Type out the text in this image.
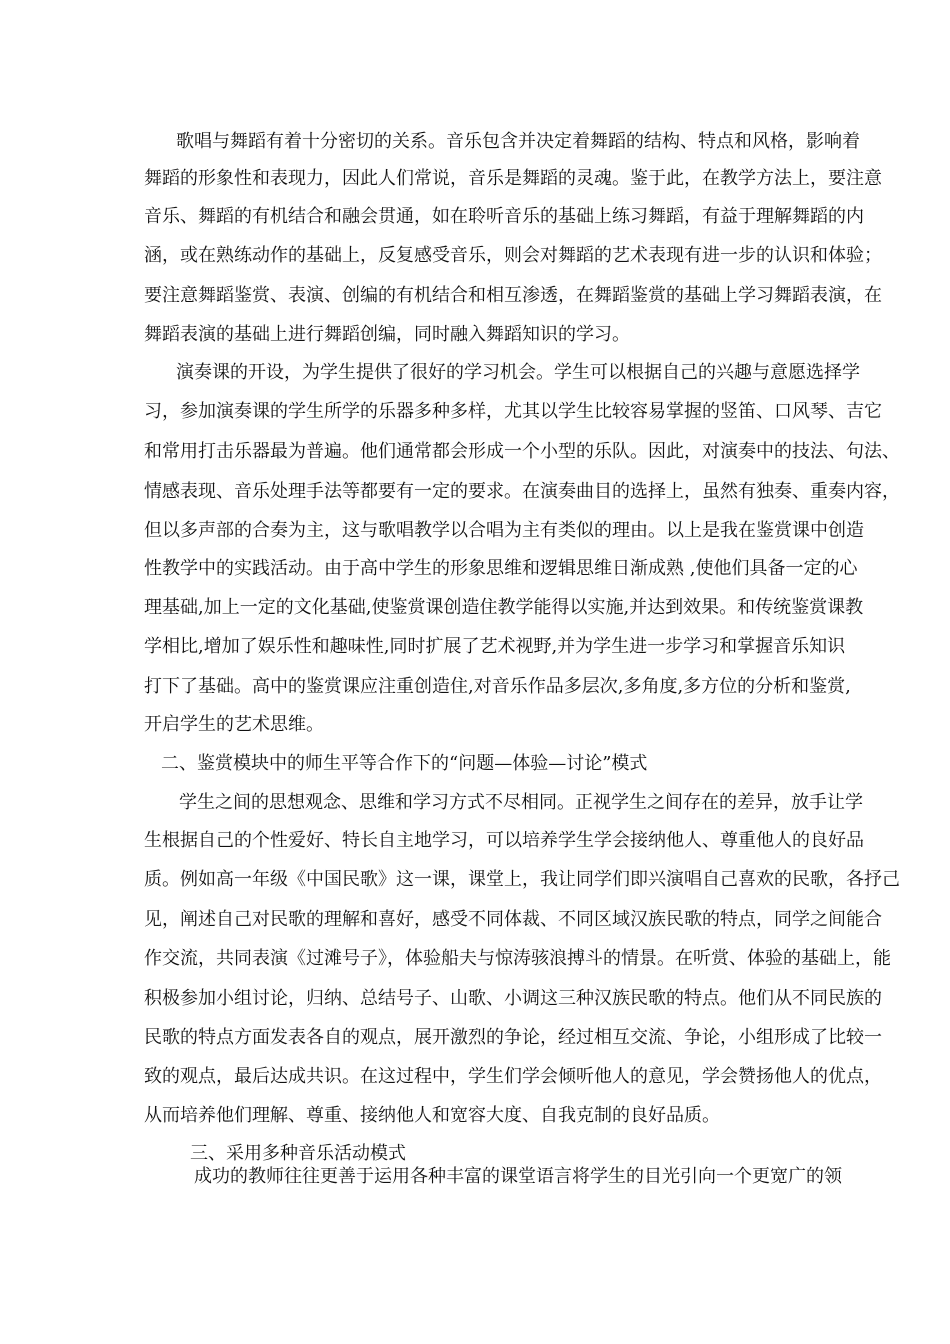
歌唱与舞蹈有着十分密切的关系。音乐包含并决定着舞蹈的结构、特点和风格，影响着
舞蹈的形象性和表现力，因此人们常说，音乐是舞蹈的灵魂。鉴于此，在教学方法上，要注意
音乐、舞蹈的有机结合和融会贯通，如在聆听音乐的基础上练习舞蹈，有益于理解舞蹈的内
涵，或在熟练动作的基础上，反复感受音乐，则会对舞蹈的艺术表现有进一步的认识和体验；
要注意舞蹈鉴赏、表演、创编的有机结合和相互渗透，在舞蹈鉴赏的基础上学习舞蹈表演，在
舞蹈表演的基础上进行舞蹈创编，同时融入舞蹈知识的学习。
演奏课的开设，为学生提供了很好的学习机会。学生可以根据自己的兴趣与意愿选择学
习，参加演奏课的学生所学的乐器多种多样，尤其以学生比较容易掌握的竖笛、口风琴、吉它
和常用打击乐器最为普遍。他们通常都会形成一个小型的乐队。因此，对演奏中的技法、句法、
情感表现、音乐处理手法等都要有一定的要求。在演奏曲目的选择上，虽然有独奏、重奏内容，
但以多声部的合奏为主，这与歌唱教学以合唱为主有类似的理由。以上是我在鉴赏课中创造
性教学中的实践活动。由于高中学生的形象思维和逻辑思维日渐成熟 ,使他们具备一定的心
理基础,加上一定的文化基础,使鉴赏课创造住教学能得以实施,并达到效果。和传统鉴赏课教
学相比,增加了娱乐性和趣味性,同时扩展了艺术视野,并为学生进一步学习和掌握音乐知识
打下了基础。高中的鉴赏课应注重创造住,对音乐作品多层次,多角度,多方位的分析和鉴赏,
开启学生的艺术思维。
二、鉴赏模块中的师生平等合作下的“问题—体验—讨论”模式
学生之间的思想观念、思维和学习方式不尽相同。正视学生之间存在的差异，放手让学
生根据自己的个性爱好、特长自主地学习，可以培养学生学会接纳他人、尊重他人的良好品
质。例如高一年级《中国民歌》这一课，课堂上，我让同学们即兴演唱自己喜欢的民歌，各抒己
见，阐述自己对民歌的理解和喜好，感受不同体裁、不同区域汉族民歌的特点，同学之间能合
作交流，共同表演《过滩号子》，体验船夫与惊涛骇浪搏斗的情景。在听赏、体验的基础上，能
积极参加小组讨论，归纳、总结号子、山歌、小调这三种汉族民歌的特点。他们从不同民族的
民歌的特点方面发表各自的观点，展开激烈的争论，经过相互交流、争论，小组形成了比较一
致的观点，最后达成共识。在这过程中，学生们学会倾听他人的意见，学会赞扬他人的优点，
从而培养他们理解、尊重、接纳他人和宽容大度、自我克制的良好品质。
三、采用多种音乐活动模式
成功的教师往往更善于运用各种丰富的课堂语言将学生的目光引向一个更宽广的领
